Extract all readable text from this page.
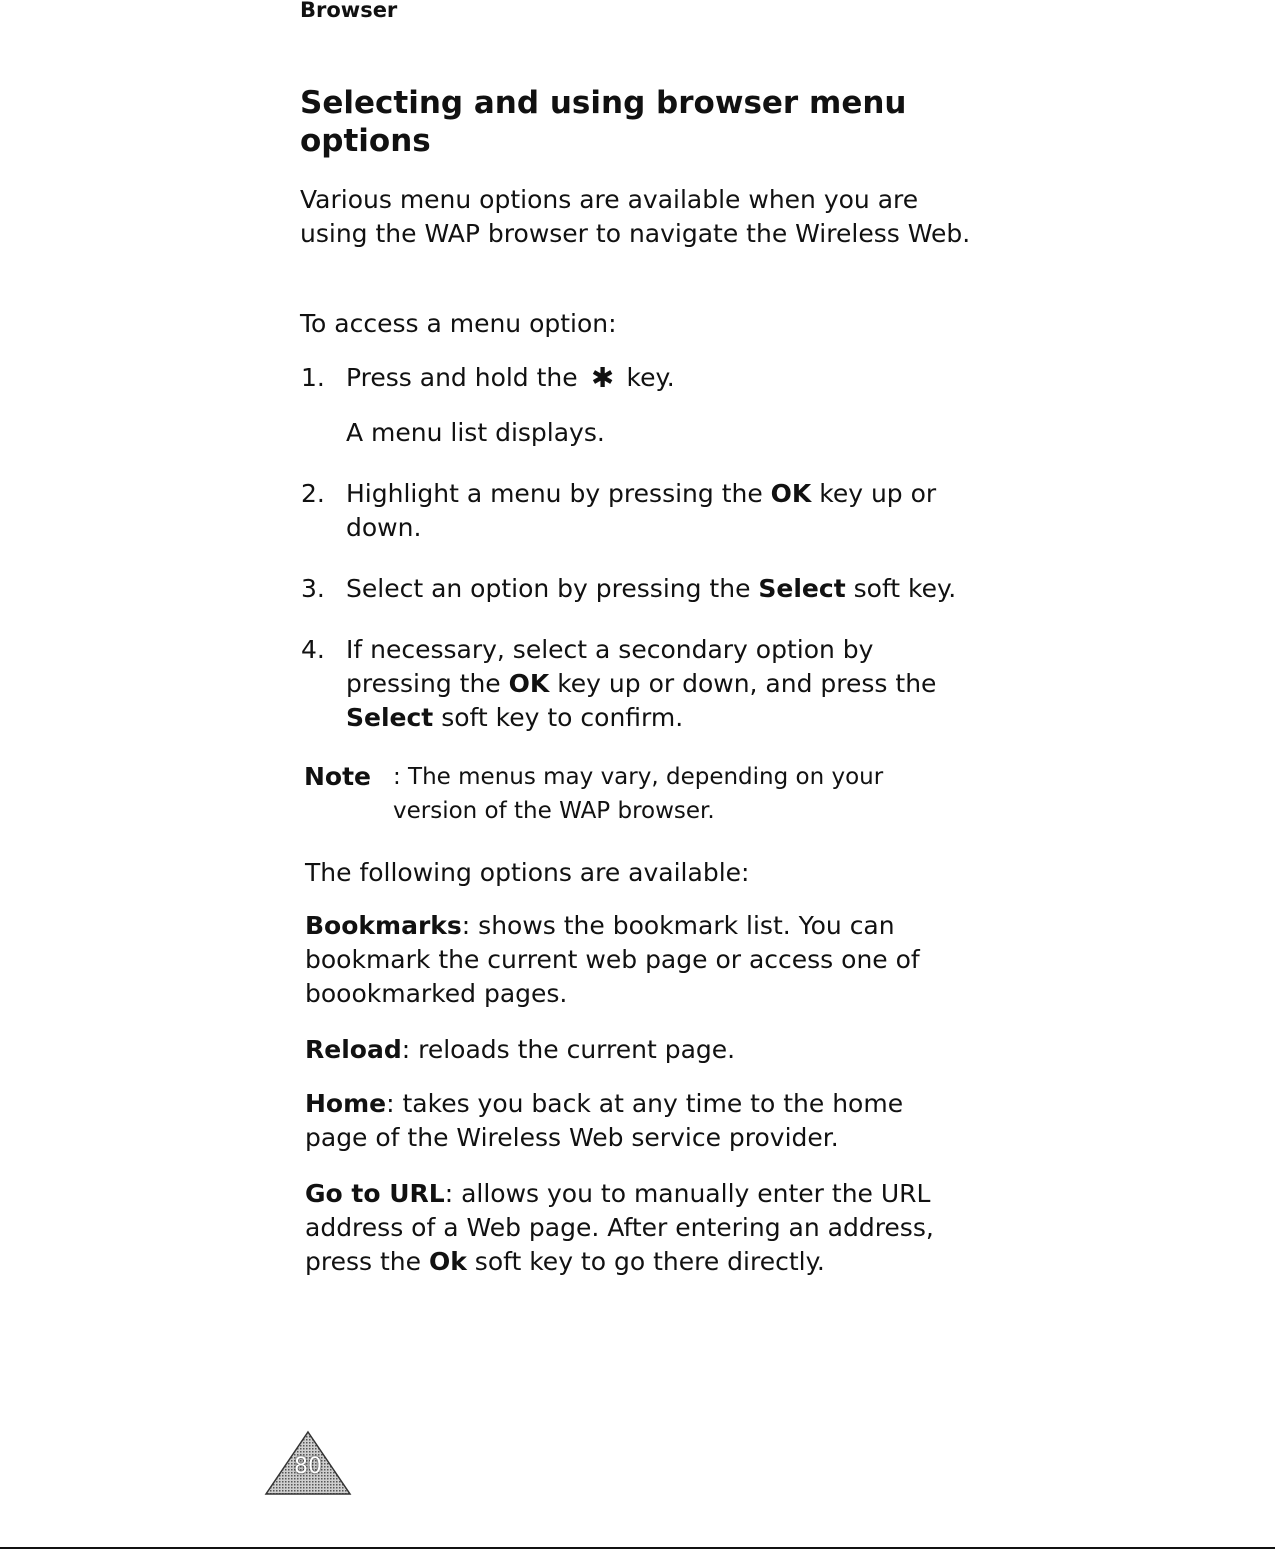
Browser
Selecting and using browser menu options

Various menu options are available when you are using the WAP browser to navigate the Wireless Web.

To access a menu option:

1. Press and hold the ✱ key.
A menu list displays.
2. Highlight a menu by pressing the OK key up or down.
3. Select an option by pressing the Select soft key.
4. If necessary, select a secondary option by pressing the OK key up or down, and press the Select soft key to confirm.
Note : The menus may vary, depending on your version of the WAP browser.

The following options are available:

Bookmarks: shows the bookmark list. You can bookmark the current web page or access one of boookmarked pages.
Reload: reloads the current page.
Home: takes you back at any time to the home page of the Wireless Web service provider.
Go to URL: allows you to manually enter the URL address of a Web page. After entering an address, press the Ok soft key to go there directly.
80
